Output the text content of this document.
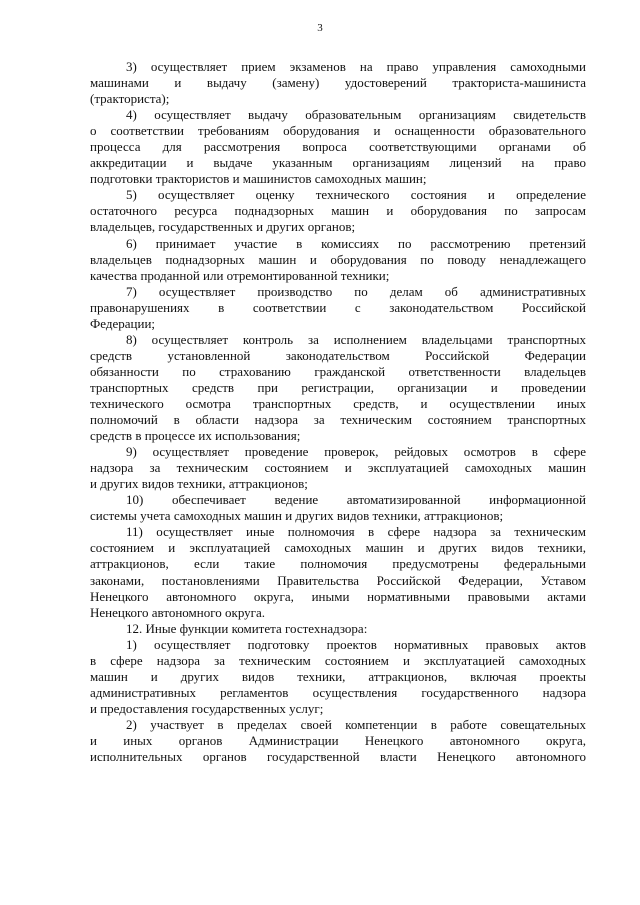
3
3) осуществляет прием экзаменов на право управления самоходными
машинами и выдачу (замену) удостоверений тракториста-машиниста
(тракториста);
4) осуществляет выдачу образовательным организациям свидетельств
о соответствии требованиям оборудования и оснащенности образовательного
процесса для рассмотрения вопроса соответствующими органами об
аккредитации и выдаче указанным организациям лицензий на право
подготовки трактористов и машинистов самоходных машин;
5) осуществляет оценку технического состояния и определение
остаточного ресурса поднадзорных машин и оборудования по запросам
владельцев, государственных и других органов;
6) принимает участие в комиссиях по рассмотрению претензий
владельцев поднадзорных машин и оборудования по поводу ненадлежащего
качества проданной или отремонтированной техники;
7) осуществляет производство по делам об административных
правонарушениях в соответствии с законодательством Российской
Федерации;
8) осуществляет контроль за исполнением владельцами транспортных
средств установленной законодательством Российской Федерации
обязанности по страхованию гражданской ответственности владельцев
транспортных средств при регистрации, организации и проведении
технического осмотра транспортных средств, и осуществлении иных
полномочий в области надзора за техническим состоянием транспортных
средств в процессе их использования;
9) осуществляет проведение проверок, рейдовых осмотров в сфере
надзора за техническим состоянием и эксплуатацией самоходных машин
и других видов техники, аттракционов;
10) обеспечивает ведение автоматизированной информационной
системы учета самоходных машин и других видов техники, аттракционов;
11) осуществляет иные полномочия в сфере надзора за техническим
состоянием и эксплуатацией самоходных машин и других видов техники,
аттракционов, если такие полномочия предусмотрены федеральными
законами, постановлениями Правительства Российской Федерации, Уставом
Ненецкого автономного округа, иными нормативными правовыми актами
Ненецкого автономного округа.
12. Иные функции комитета гостехнадзора:
1) осуществляет подготовку проектов нормативных правовых актов
в сфере надзора за техническим состоянием и эксплуатацией самоходных
машин и других видов техники, аттракционов, включая проекты
административных регламентов осуществления государственного надзора
и предоставления государственных услуг;
2) участвует в пределах своей компетенции в работе совещательных
и иных органов Администрации Ненецкого автономного округа,
исполнительных органов государственной власти Ненецкого автономного
